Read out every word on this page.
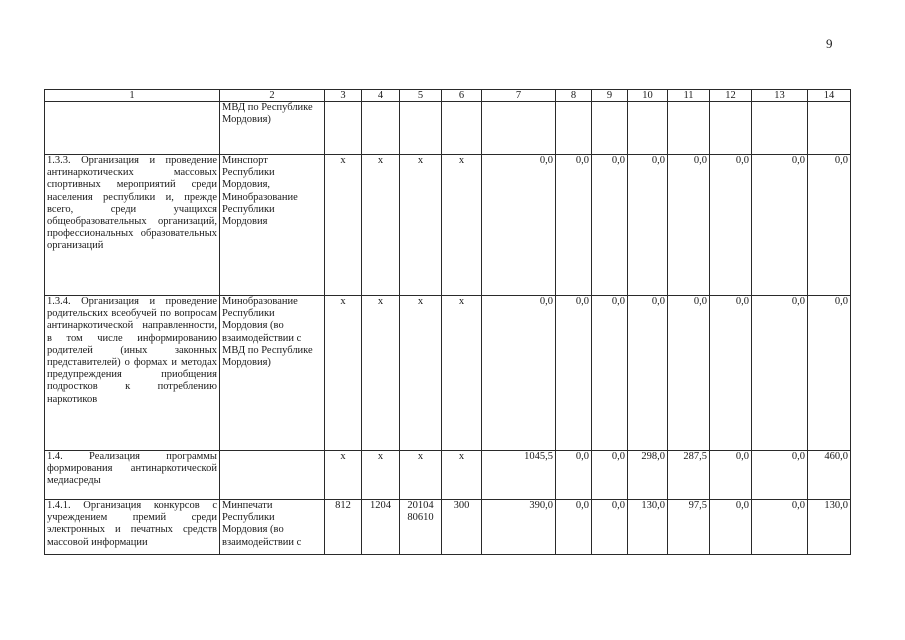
9
1	2	3	4	5	6	7	8	9	10	11	12	13	14
	МВД по Республике Мордовия)												
1.3.3. Организация и проведение антинаркотических массовых спортивных мероприятий среди населения республики и, прежде всего, среди учащихся общеобразовательных организаций, профессиональных образовательных организаций	Минспорт Республики Мордовия, Минобразование Республики Мордовия	x	x	x	x	0,0	0,0	0,0	0,0	0,0	0,0	0,0	0,0
1.3.4. Организация и проведение родительских всеобучей по вопросам антинаркотической направленности, в том числе информированию родителей (иных законных представителей) о формах и методах предупреждения приобщения подростков к потреблению наркотиков	Минобразование Республики Мордовия (во взаимодействии с МВД по Республике Мордовия)	x	x	x	x	0,0	0,0	0,0	0,0	0,0	0,0	0,0	0,0
1.4. Реализация программы формирования антинаркотической медиасреды		x	x	x	x	1045,5	0,0	0,0	298,0	287,5	0,0	0,0	460,0
1.4.1. Организация конкурсов с учреждением премий среди электронных и печатных средств массовой информации	Минпечати Республики Мордовия (во взаимодействии с	812	1204	20104
80610	300	390,0	0,0	0,0	130,0	97,5	0,0	0,0	130,0
